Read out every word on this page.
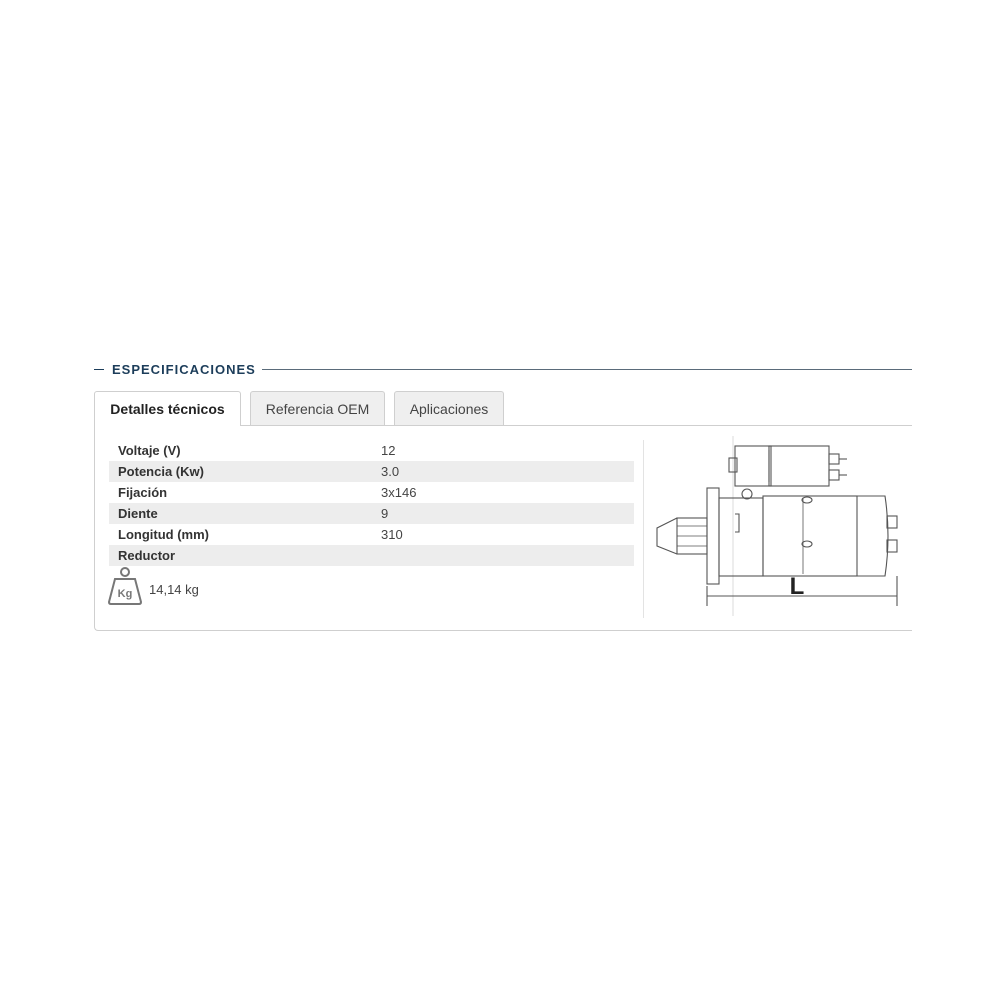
ESPECIFICACIONES
Detalles técnicos	Referencia OEM	Aplicaciones
Voltaje (V)	12
Potencia (Kw)	3.0
Fijación	3x146
Diente	9
Longitud (mm)	310
Reductor	
Kg 14,14 kg	L
